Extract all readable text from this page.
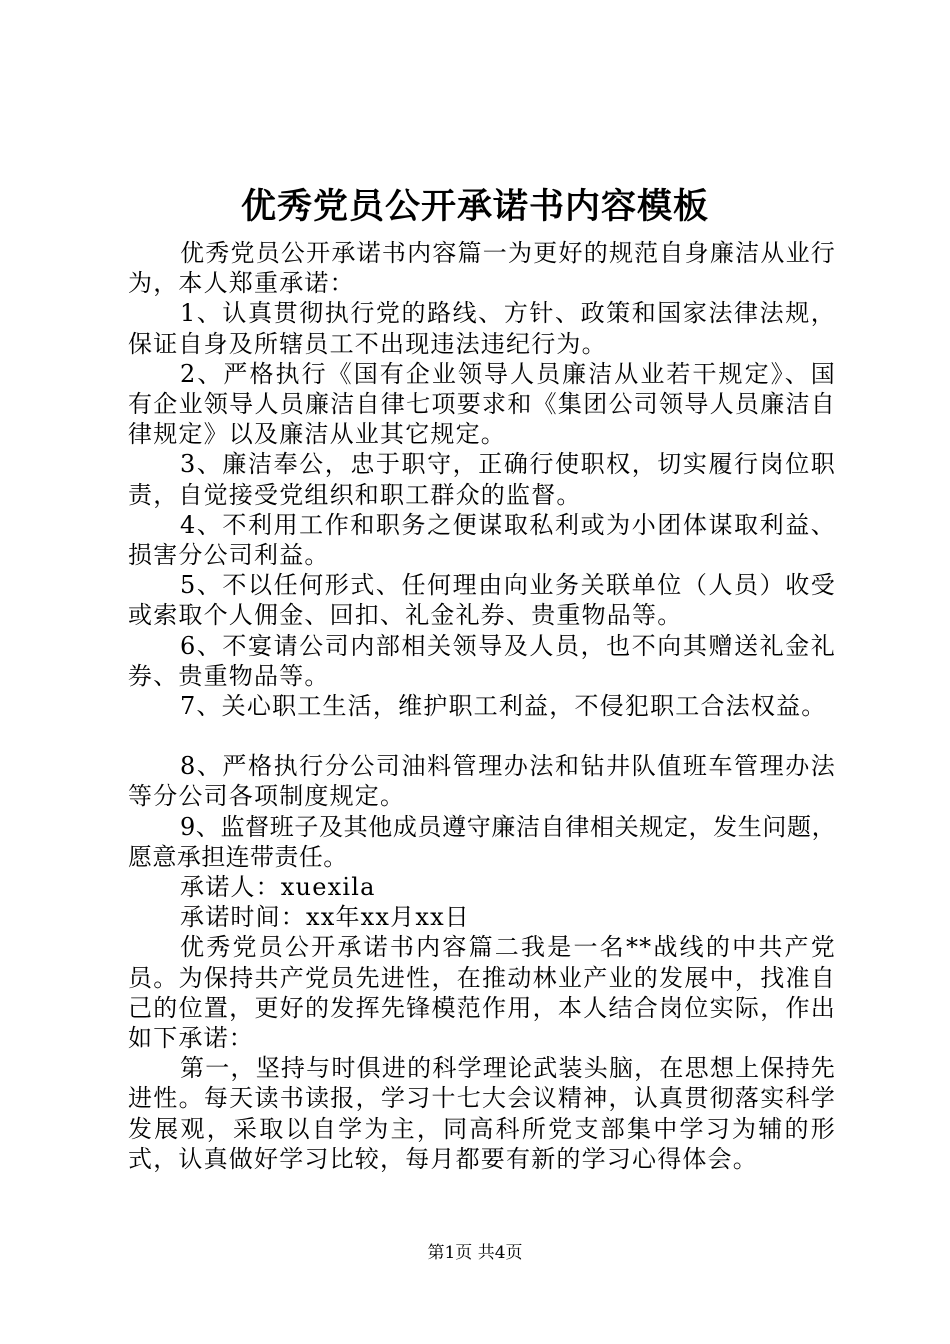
优秀党员公开承诺书内容模板

优秀党员公开承诺书内容篇一为更好的规范自身廉洁从业行为，本人郑重承诺：

1、认真贯彻执行党的路线、方针、政策和国家法律法规，保证自身及所辖员工不出现违法违纪行为。

2、严格执行《国有企业领导人员廉洁从业若干规定》、国有企业领导人员廉洁自律七项要求和《集团公司领导人员廉洁自律规定》以及廉洁从业其它规定。

3、廉洁奉公，忠于职守，正确行使职权，切实履行岗位职责，自觉接受党组织和职工群众的监督。

4、不利用工作和职务之便谋取私利或为小团体谋取利益、损害分公司利益。

5、不以任何形式、任何理由向业务关联单位（人员）收受或索取个人佣金、回扣、礼金礼券、贵重物品等。

6、不宴请公司内部相关领导及人员，也不向其赠送礼金礼券、贵重物品等。

7、关心职工生活，维护职工利益，不侵犯职工合法权益。

8、严格执行分公司油料管理办法和钻井队值班车管理办法等分公司各项制度规定。

9、监督班子及其他成员遵守廉洁自律相关规定，发生问题，愿意承担连带责任。

承诺人：xuexila

承诺时间：xx年xx月xx日

优秀党员公开承诺书内容篇二我是一名**战线的中共产党员。为保持共产党员先进性，在推动林业产业的发展中，找准自己的位置，更好的发挥先锋模范作用，本人结合岗位实际，作出如下承诺：

第一，坚持与时俱进的科学理论武装头脑，在思想上保持先进性。每天读书读报，学习十七大会议精神，认真贯彻落实科学发展观，采取以自学为主，同高科所党支部集中学习为辅的形式，认真做好学习比较，每月都要有新的学习心得体会。

第1页 共4页
